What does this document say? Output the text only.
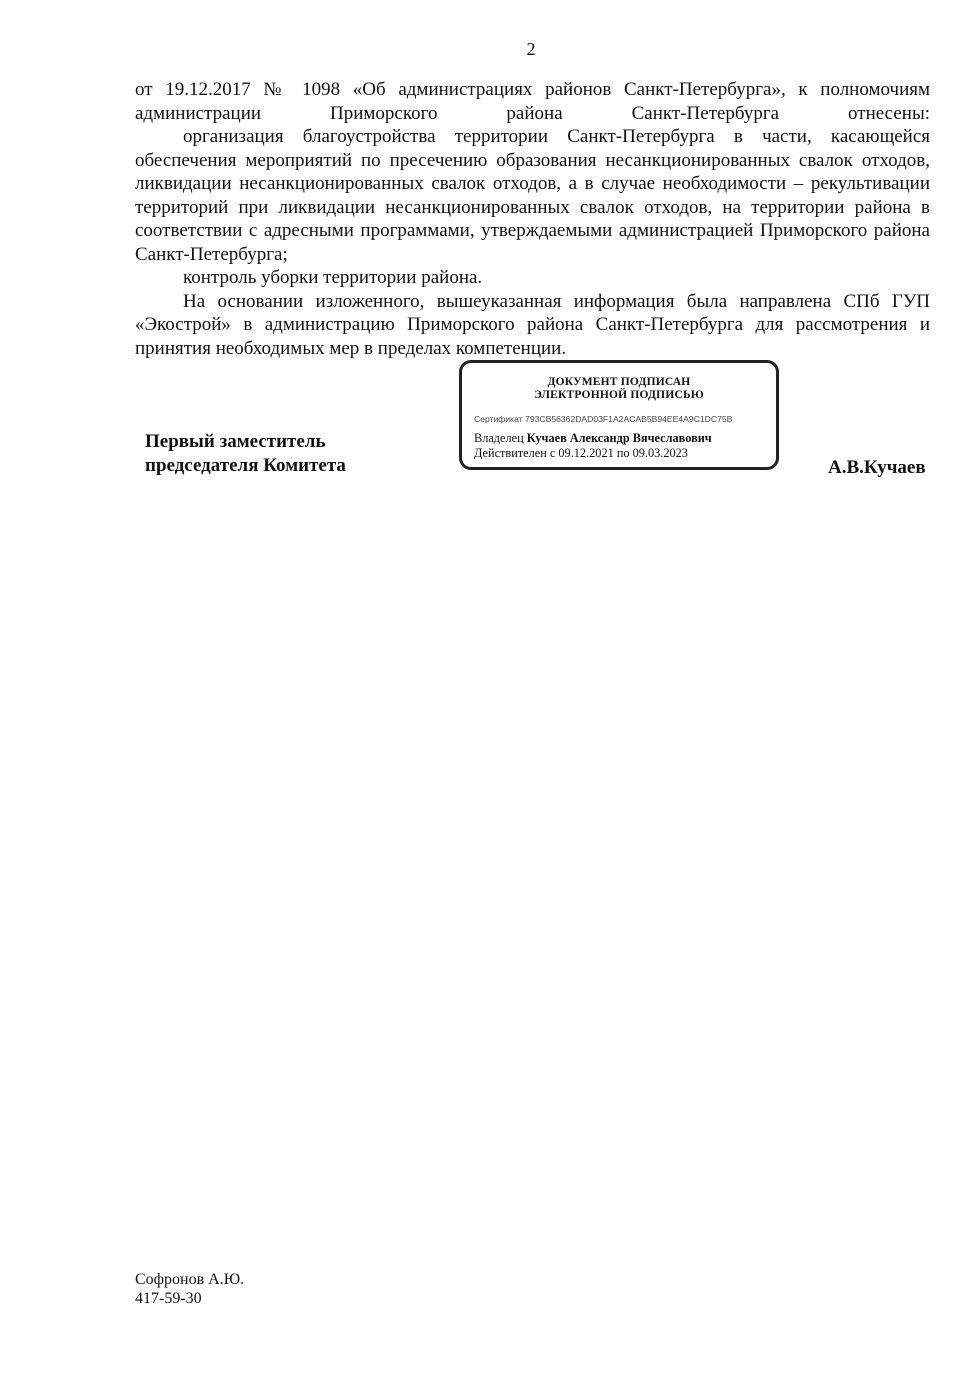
2

от 19.12.2017 № 1098 «Об администрациях районов Санкт-Петербурга», к полномочиям администрации Приморского района Санкт-Петербурга отнесены:

организация благоустройства территории Санкт-Петербурга в части, касающейся обеспечения мероприятий по пресечению образования несанкционированных свалок отходов, ликвидации несанкционированных свалок отходов, а в случае необходимости – рекультивации территорий при ликвидации несанкционированных свалок отходов, на территории района в соответствии с адресными программами, утверждаемыми администрацией Приморского района Санкт-Петербурга;

контроль уборки территории района.

На основании изложенного, вышеуказанная информация была направлена СПб ГУП «Экострой» в администрацию Приморского района Санкт-Петербурга для рассмотрения и принятия необходимых мер в пределах компетенции.

Первый заместитель
председателя Комитета
ДОКУМЕНТ ПОДПИСАН
ЭЛЕКТРОННОЙ ПОДПИСЬЮ
Сертификат 793CB56362DAD03F1A2ACAB5B94EE4A9C1DC75B
Владелец Кучаев Александр Вячеславович
Действителен с 09.12.2021 по 09.03.2023
А.В.Кучаев
Софронов А.Ю.
417-59-30
